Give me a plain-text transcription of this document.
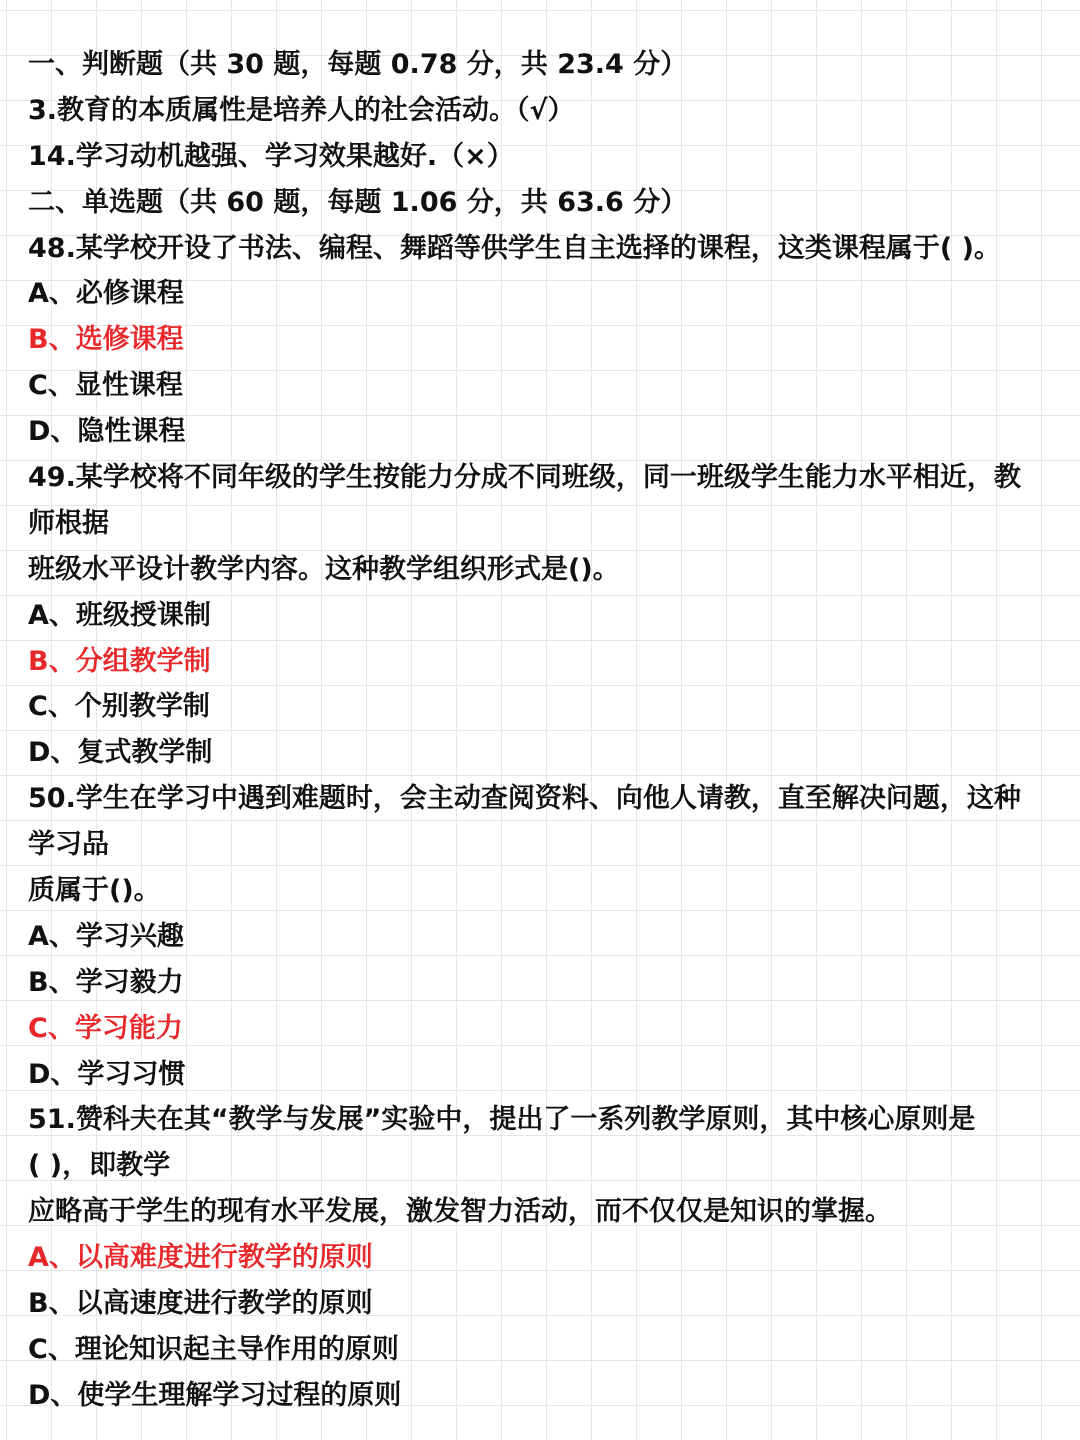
一、判断题（共 30 题，每题 0.78 分，共 23.4 分）
3.教育的本质属性是培养人的社会活动。（√）
14.学习动机越强、学习效果越好.（×）
二、单选题（共 60 题，每题 1.06 分，共 63.6 分）
48.某学校开设了书法、编程、舞蹈等供学生自主选择的课程，这类课程属于( )。
A、必修课程
B、选修课程
C、显性课程
D、隐性课程
49.某学校将不同年级的学生按能力分成不同班级，同一班级学生能力水平相近，教
师根据
班级水平设计教学内容。这种教学组织形式是()。
A、班级授课制
B、分组教学制
C、个别教学制
D、复式教学制
50.学生在学习中遇到难题时，会主动查阅资料、向他人请教，直至解决问题，这种
学习品
质属于()。
A、学习兴趣
B、学习毅力
C、学习能力
D、学习习惯
51.赞科夫在其“教学与发展”实验中，提出了一系列教学原则，其中核心原则是
( )，即教学
应略高于学生的现有水平发展，激发智力活动，而不仅仅是知识的掌握。
A、以高难度进行教学的原则
B、以高速度进行教学的原则
C、理论知识起主导作用的原则
D、使学生理解学习过程的原则
